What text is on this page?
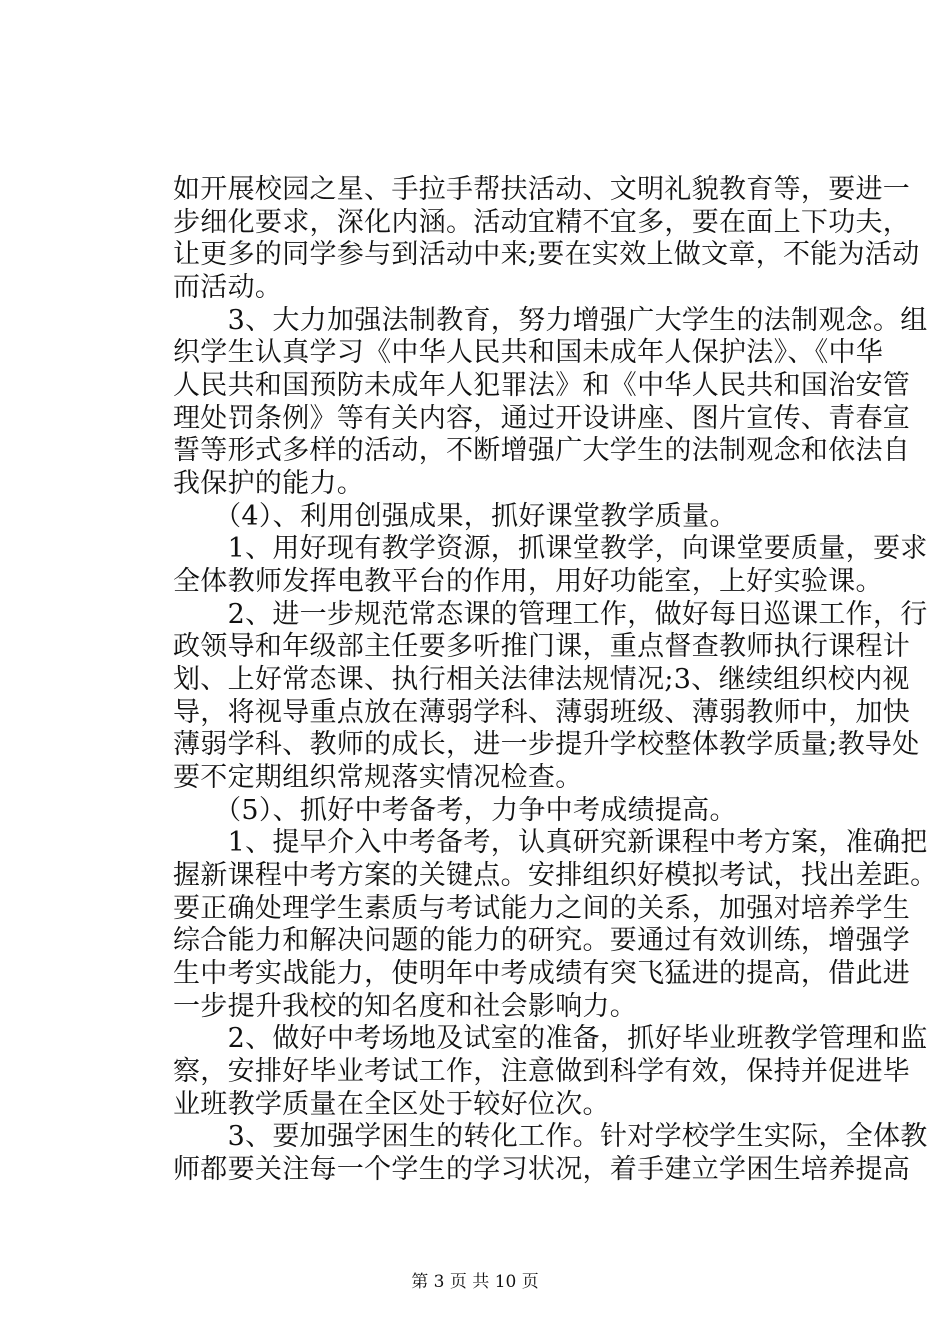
如开展校园之星、手拉手帮扶活动、文明礼貌教育等，要进一

步细化要求，深化内涵。活动宜精不宜多，要在面上下功夫，

让更多的同学参与到活动中来;要在实效上做文章，不能为活动

而活动。

　　3、大力加强法制教育，努力增强广大学生的法制观念。组

织学生认真学习《中华人民共和国未成年人保护法》、《中华

人民共和国预防未成年人犯罪法》和《中华人民共和国治安管

理处罚条例》等有关内容，通过开设讲座、图片宣传、青春宣

誓等形式多样的活动，不断增强广大学生的法制观念和依法自

我保护的能力。

　　（4）、利用创强成果，抓好课堂教学质量。

　　1、用好现有教学资源，抓课堂教学，向课堂要质量，要求

全体教师发挥电教平台的作用，用好功能室，上好实验课。

　　2、进一步规范常态课的管理工作，做好每日巡课工作，行

政领导和年级部主任要多听推门课，重点督查教师执行课程计

划、上好常态课、执行相关法律法规情况;3、继续组织校内视

导，将视导重点放在薄弱学科、薄弱班级、薄弱教师中，加快

薄弱学科、教师的成长，进一步提升学校整体教学质量;教导处

要不定期组织常规落实情况检查。

　　（5）、抓好中考备考，力争中考成绩提高。

　　1、提早介入中考备考，认真研究新课程中考方案，准确把

握新课程中考方案的关键点。安排组织好模拟考试，找出差距。

要正确处理学生素质与考试能力之间的关系，加强对培养学生

综合能力和解决问题的能力的研究。要通过有效训练，增强学

生中考实战能力，使明年中考成绩有突飞猛进的提高，借此进

一步提升我校的知名度和社会影响力。

　　2、做好中考场地及试室的准备，抓好毕业班教学管理和监

察，安排好毕业考试工作，注意做到科学有效，保持并促进毕

业班教学质量在全区处于较好位次。

　　3、要加强学困生的转化工作。针对学校学生实际，全体教

师都要关注每一个学生的学习状况，着手建立学困生培养提高

第 3 页 共 10 页
